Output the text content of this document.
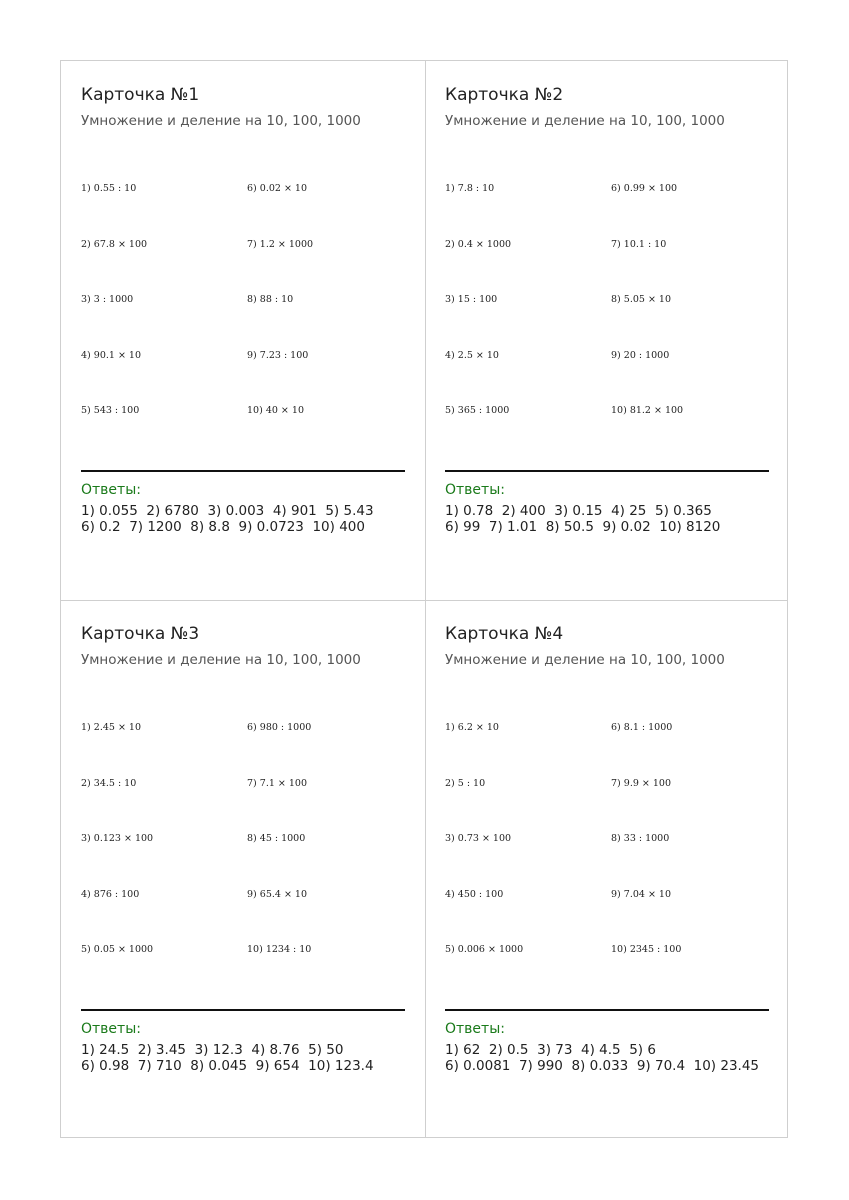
Карточка №1
Умножение и деление на 10, 100, 1000
1) 0.55 : 10
2) 67.8 × 100
3) 3 : 1000
4) 90.1 × 10
5) 543 : 100
6) 0.02 × 10
7) 1.2 × 1000
8) 88 : 10
9) 7.23 : 100
10) 40 × 10
Ответы:
1) 0.055  2) 6780  3) 0.003  4) 901  5) 5.43
6) 0.2  7) 1200  8) 8.8  9) 0.0723  10) 400
Карточка №2
Умножение и деление на 10, 100, 1000
1) 7.8 : 10
2) 0.4 × 1000
3) 15 : 100
4) 2.5 × 10
5) 365 : 1000
6) 0.99 × 100
7) 10.1 : 10
8) 5.05 × 10
9) 20 : 1000
10) 81.2 × 100
Ответы:
1) 0.78  2) 400  3) 0.15  4) 25  5) 0.365
6) 99  7) 1.01  8) 50.5  9) 0.02  10) 8120
Карточка №3
Умножение и деление на 10, 100, 1000
1) 2.45 × 10
2) 34.5 : 10
3) 0.123 × 100
4) 876 : 100
5) 0.05 × 1000
6) 980 : 1000
7) 7.1 × 100
8) 45 : 1000
9) 65.4 × 10
10) 1234 : 10
Ответы:
1) 24.5  2) 3.45  3) 12.3  4) 8.76  5) 50
6) 0.98  7) 710  8) 0.045  9) 654  10) 123.4
Карточка №4
Умножение и деление на 10, 100, 1000
1) 6.2 × 10
2) 5 : 10
3) 0.73 × 100
4) 450 : 100
5) 0.006 × 1000
6) 8.1 : 1000
7) 9.9 × 100
8) 33 : 1000
9) 7.04 × 10
10) 2345 : 100
Ответы:
1) 62  2) 0.5  3) 73  4) 4.5  5) 6
6) 0.0081  7) 990  8) 0.033  9) 70.4  10) 23.45
